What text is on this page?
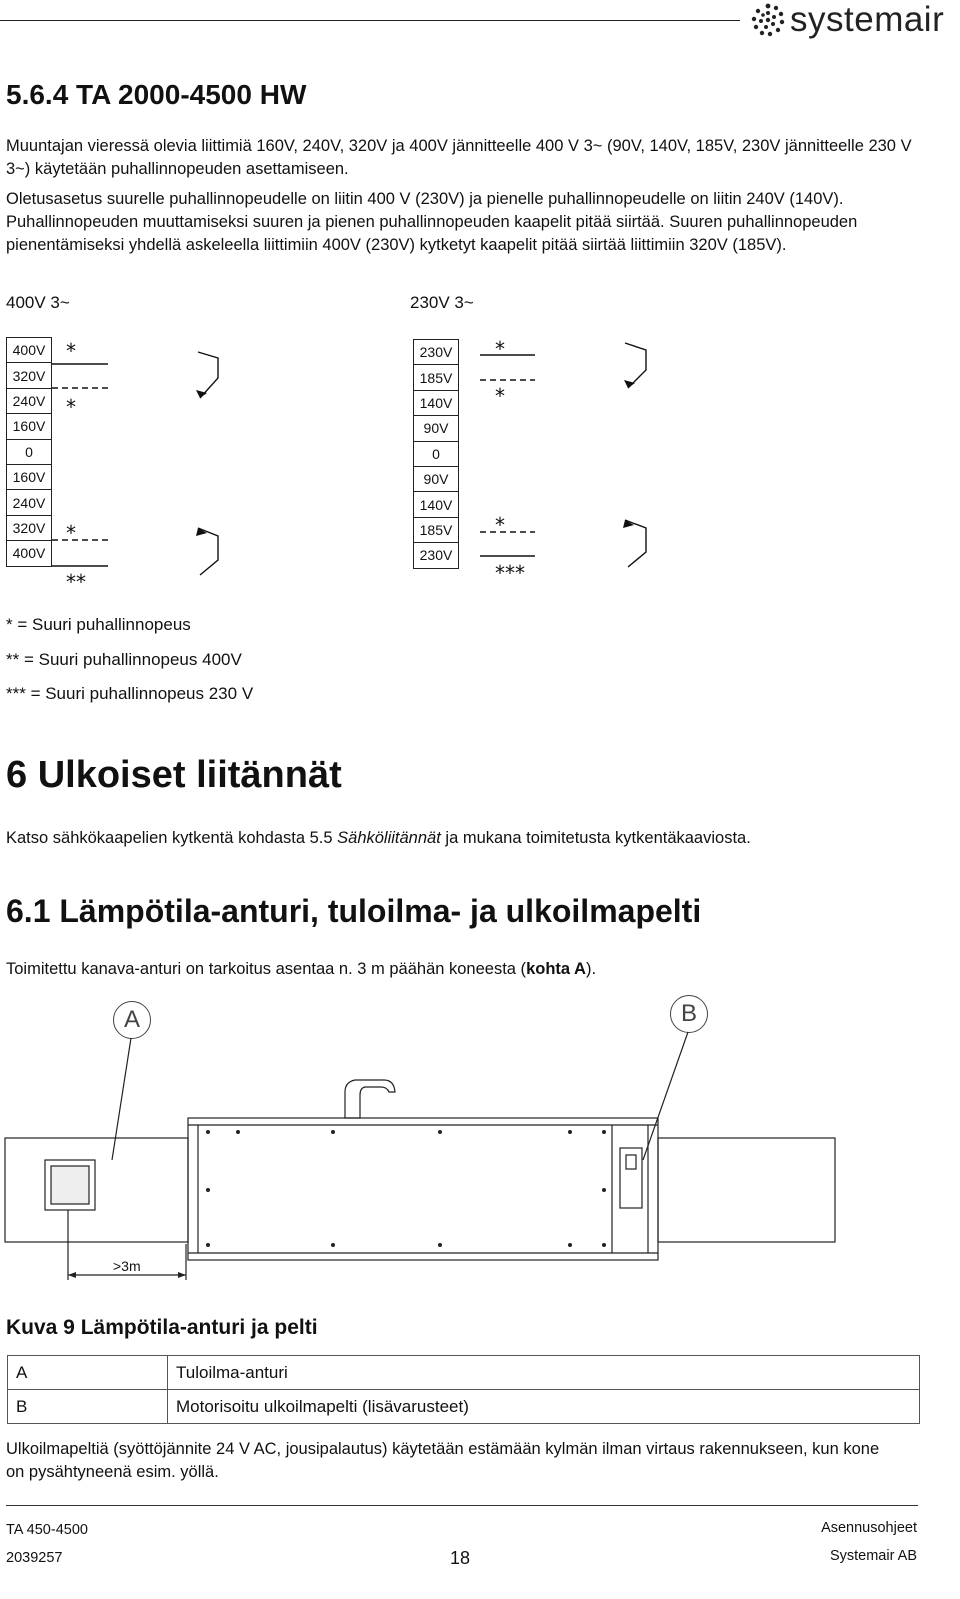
systemair
5.6.4 TA 2000-4500 HW

Muuntajan vieressä olevia liittimiä 160V, 240V, 320V ja 400V jännitteelle 400 V 3~ (90V, 140V, 185V, 230V jännitteelle 230 V 3~) käytetään puhallinnopeuden asettamiseen.

Oletusasetus suurelle puhallinnopeudelle on liitin 400 V (230V) ja pienelle puhallinnopeudelle on liitin 240V (140V). Puhallinnopeuden muuttamiseksi suuren ja pienen puhallinnopeuden kaapelit pitää siirtää. Suuren puhallinnopeuden pienentämiseksi yhdellä askeleella liittimiin 400V (230V) kytketyt kaapelit pitää siirtää liittimiin 320V (185V).

400V 3~	230V 3~
400V
320V
240V
160V
0
160V
240V
320V
400V
230V
185V
140V
90V
0
90V
140V
185V
230V
*
*
*
**
*
*
*
***
* = Suuri puhallinnopeus
** = Suuri puhallinnopeus 400V
*** = Suuri puhallinnopeus 230 V
6 Ulkoiset liitännät

Katso sähkökaapelien kytkentä kohdasta 5.5 Sähköliitännät ja mukana toimitetusta kytkentäkaaviosta.

6.1 Lämpötila-anturi, tuloilma- ja ulkoilmapelti

Toimitettu kanava-anturi on tarkoitus asentaa n. 3 m päähän koneesta (kohta A).

A	B
>3m
Kuva 9 Lämpötila-anturi ja pelti
A	Tuloilma-anturi
B	Motorisoitu ulkoilmapelti (lisävarusteet)

Ulkoilmapeltiä (syöttöjännite 24 V AC, jousipalautus) käytetään estämään kylmän ilman virtaus rakennukseen, kun kone on pysähtyneenä esim. yöllä.

TA 450-4500
2039257	18
Asennusohjeet
Systemair AB
